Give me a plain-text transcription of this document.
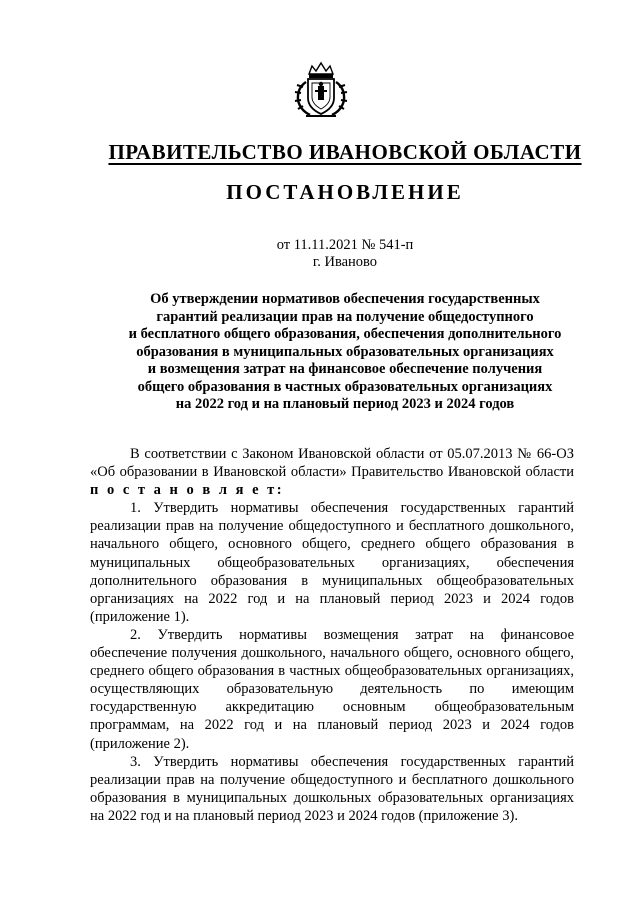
ПРАВИТЕЛЬСТВО ИВАНОВСКОЙ ОБЛАСТИ
ПОСТАНОВЛЕНИЕ
от 11.11.2021 № 541-п
г. Иваново
Об утверждении нормативов обеспечения государственных
гарантий реализации прав на получение общедоступного
и бесплатного общего образования, обеспечения дополнительного
образования в муниципальных образовательных организациях
и возмещения затрат на финансовое обеспечение получения
общего образования в частных образовательных организациях
на 2022 год и на плановый период 2023 и 2024 годов

В соответствии с Законом Ивановской области от 05.07.2013 № 66-ОЗ «Об образовании в Ивановской области» Правительство Ивановской области п о с т а н о в л я е т:

1. Утвердить нормативы обеспечения государственных гарантий реализации прав на получение общедоступного и бесплатного дошкольного, начального общего, основного общего, среднего общего образования в муниципальных общеобразовательных организациях, обеспечения дополнительного образования в муниципальных общеобразовательных организациях на 2022 год и на плановый период 2023 и 2024 годов (приложение 1).

2. Утвердить нормативы возмещения затрат на финансовое обеспечение получения дошкольного, начального общего, основного общего, среднего общего образования в частных общеобразовательных организациях, осуществляющих образовательную деятельность по имеющим государственную аккредитацию основным общеобразовательным программам, на 2022 год и на плановый период 2023 и 2024 годов (приложение 2).

3. Утвердить нормативы обеспечения государственных гарантий реализации прав на получение общедоступного и бесплатного дошкольного образования в муниципальных дошкольных образовательных организациях на 2022 год и на плановый период 2023 и 2024 годов (приложение 3).
